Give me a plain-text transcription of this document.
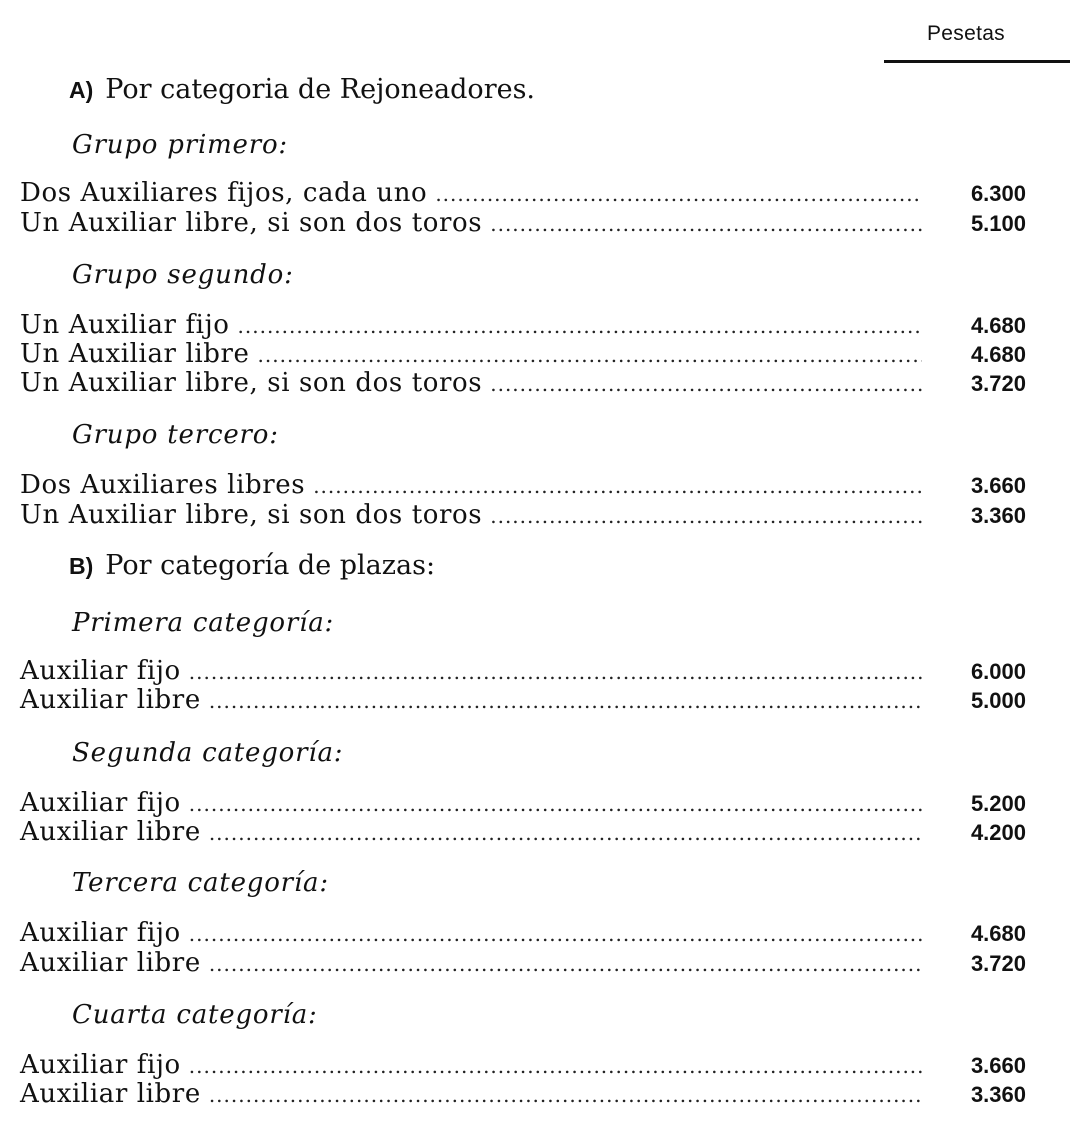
Pesetas
A) Por categoria de Rejoneadores.
Grupo primero:
Dos Auxiliares fijos, cada uno .....	6.300
Un Auxiliar libre, si son dos toros .....	5.100
Grupo segundo:
Un Auxiliar fijo .....	4.680
Un Auxiliar libre .....	4.680
Un Auxiliar libre, si son dos toros .....	3.720
Grupo tercero:
Dos Auxiliares libres .....	3.660
Un Auxiliar libre, si son dos toros .....	3.360
B) Por categoría de plazas:
Primera categoría:
Auxiliar fijo .....	6.000
Auxiliar libre .....	5.000
Segunda categoría:
Auxiliar fijo .....	5.200
Auxiliar libre .....	4.200
Tercera categoría:
Auxiliar fijo .....	4.680
Auxiliar libre .....	3.720
Cuarta categoría:
Auxiliar fijo .....	3.660
Auxiliar libre .....	3.360
